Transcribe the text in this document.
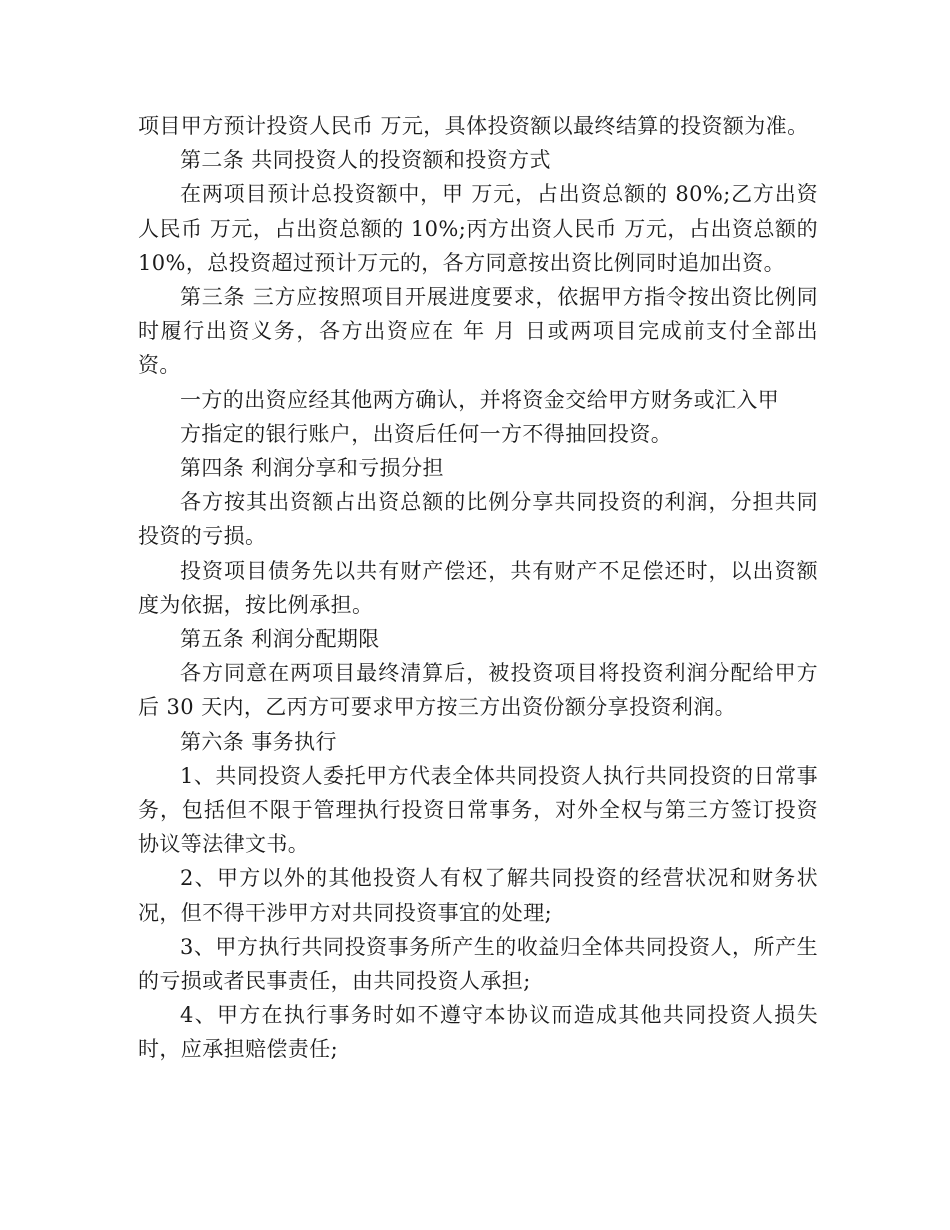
项目甲方预计投资人民币 万元，具体投资额以最终结算的投资额为准。

第二条 共同投资人的投资额和投资方式

在两项目预计总投资额中，甲 万元，占出资总额的 80%;乙方出资人民币 万元，占出资总额的 10%;丙方出资人民币 万元，占出资总额的 10%，总投资超过预计万元的，各方同意按出资比例同时追加出资。

第三条 三方应按照项目开展进度要求，依据甲方指令按出资比例同时履行出资义务，各方出资应在 年 月 日或两项目完成前支付全部出资。

一方的出资应经其他两方确认，并将资金交给甲方财务或汇入甲

方指定的银行账户，出资后任何一方不得抽回投资。

第四条 利润分享和亏损分担

各方按其出资额占出资总额的比例分享共同投资的利润，分担共同投资的亏损。

投资项目债务先以共有财产偿还，共有财产不足偿还时，以出资额度为依据，按比例承担。

第五条 利润分配期限

各方同意在两项目最终清算后，被投资项目将投资利润分配给甲方后 30 天内，乙丙方可要求甲方按三方出资份额分享投资利润。

第六条 事务执行

1、共同投资人委托甲方代表全体共同投资人执行共同投资的日常事务，包括但不限于管理执行投资日常事务，对外全权与第三方签订投资协议等法律文书。

2、甲方以外的其他投资人有权了解共同投资的经营状况和财务状况，但不得干涉甲方对共同投资事宜的处理;

3、甲方执行共同投资事务所产生的收益归全体共同投资人，所产生的亏损或者民事责任，由共同投资人承担;

4、甲方在执行事务时如不遵守本协议而造成其他共同投资人损失时，应承担赔偿责任;
